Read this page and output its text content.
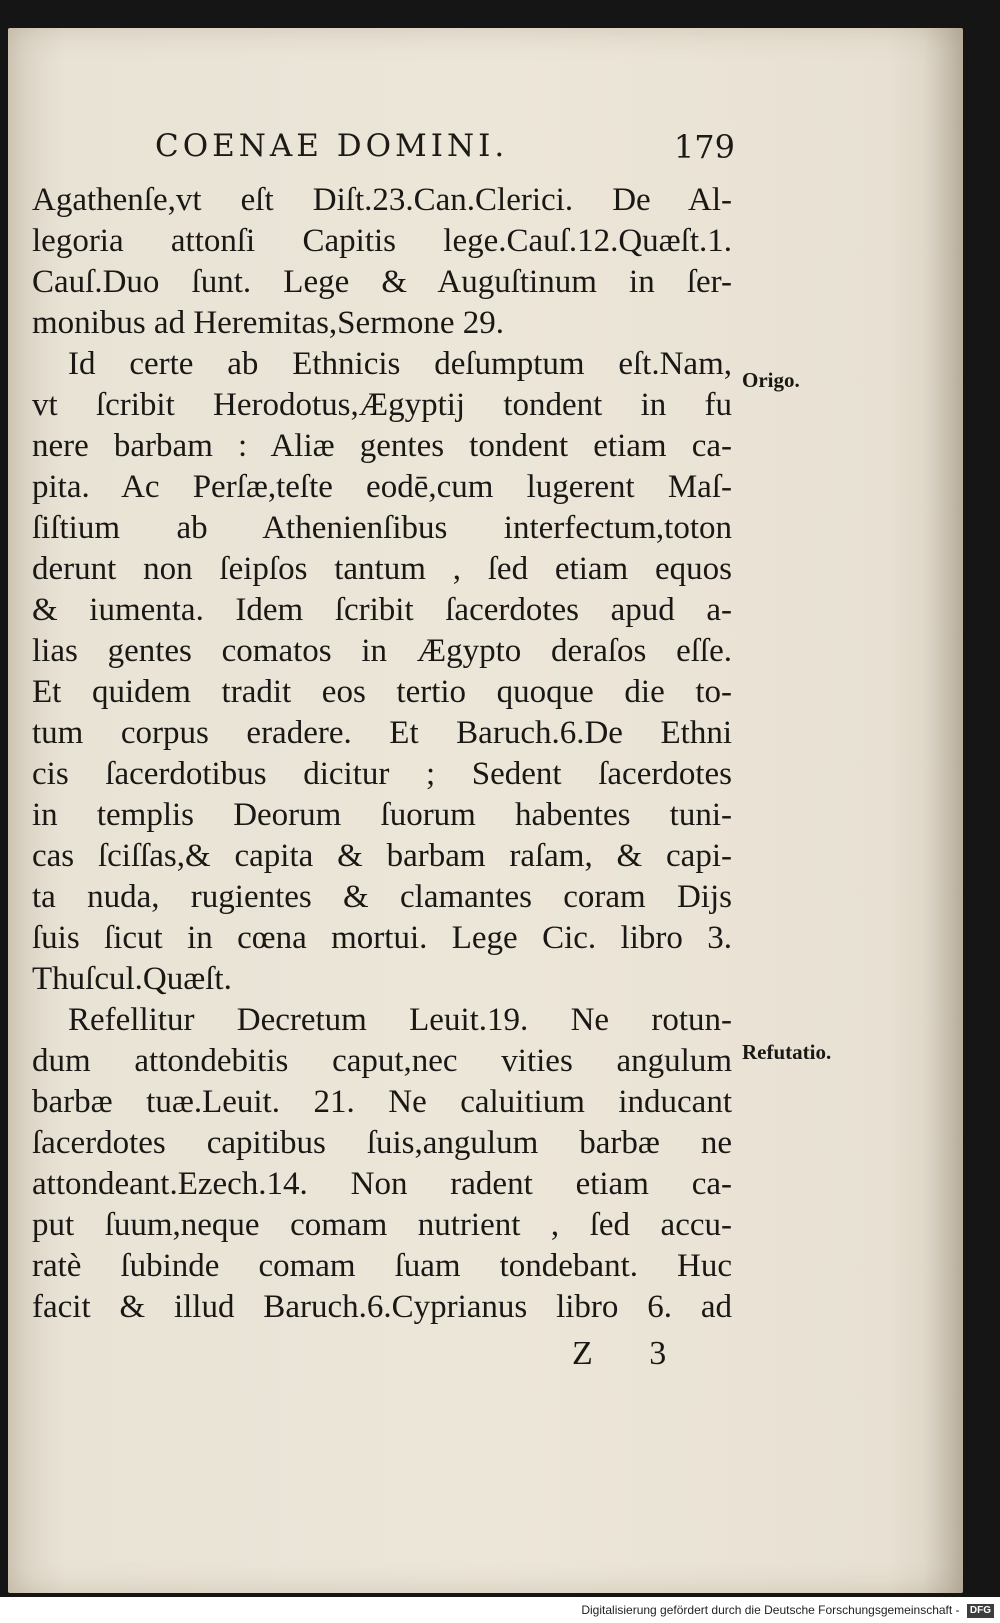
COENAE DOMINI.	179
Agathenſe,vt eſt Diſt.23.Can.Clerici. De Al-
legoria attonſi Capitis lege.Cauſ.12.Quæſt.1.
Cauſ.Duo ſunt. Lege & Auguſtinum in ſer-
monibus ad Heremitas,Sermone 29.
Id certe ab Ethnicis deſumptum eſt.Nam,
vt ſcribit Herodotus,Ægyptij tondent in fu
nere barbam : Aliæ gentes tondent etiam ca-
pita. Ac Perſæ,teſte eodē,cum lugerent Maſ-
ſiſtium ab Athenienſibus interfectum,toton
derunt non ſeipſos tantum , ſed etiam equos
& iumenta. Idem ſcribit ſacerdotes apud a-
lias gentes comatos in Ægypto deraſos eſſe.
Et quidem tradit eos tertio quoque die to-
tum corpus eradere. Et Baruch.6.De Ethni
cis ſacerdotibus dicitur ; Sedent ſacerdotes
in templis Deorum ſuorum habentes tuni-
cas ſciſſas,& capita & barbam raſam, & capi-
ta nuda, rugientes & clamantes coram Dijs
ſuis ſicut in cœna mortui. Lege Cic. libro 3.
Thuſcul.Quæſt.
Refellitur Decretum Leuit.19. Ne rotun-
dum attondebitis caput,nec vities angulum
barbæ tuæ.Leuit. 21. Ne caluitium inducant
ſacerdotes capitibus ſuis,angulum barbæ ne
attondeant.Ezech.14. Non radent etiam ca-
put ſuum,neque comam nutrient , ſed accu-
ratè ſubinde comam ſuam tondebant. Huc
facit & illud Baruch.6.Cyprianus libro 6. ad
Origo.
Refutatio.
Z 3
Digitalisierung gefördert durch die Deutsche Forschungsgemeinschaft - DFG
